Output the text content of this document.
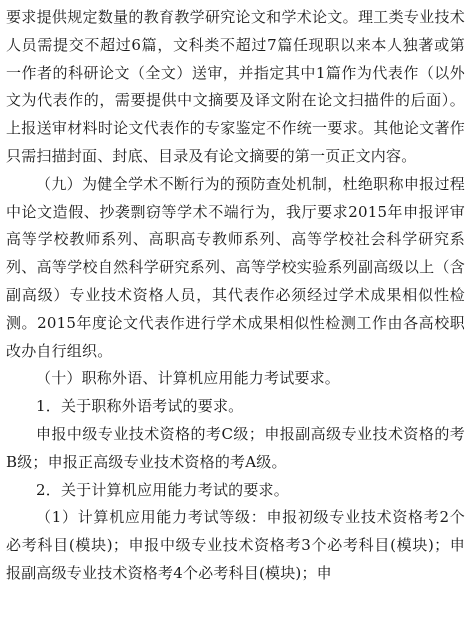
要求提供规定数量的教育教学研究论文和学术论文。理工类专业技术人员需提交不超过6篇，文科类不超过7篇任现职以来本人独著或第一作者的科研论文（全文）送审，并指定其中1篇作为代表作（以外文为代表作的，需要提供中文摘要及译文附在论文扫描件的后面）。上报送审材料时论文代表作的专家鉴定不作统一要求。其他论文著作只需扫描封面、封底、目录及有论文摘要的第一页正文内容。

（九）为健全学术不断行为的预防查处机制，杜绝职称申报过程中论文造假、抄袭剽窃等学术不端行为，我厅要求2015年申报评审高等学校教师系列、高职高专教师系列、高等学校社会科学研究系列、高等学校自然科学研究系列、高等学校实验系列副高级以上（含副高级）专业技术资格人员，其代表作必须经过学术成果相似性检测。2015年度论文代表作进行学术成果相似性检测工作由各高校职改办自行组织。

（十）职称外语、计算机应用能力考试要求。

1．关于职称外语考试的要求。

申报中级专业技术资格的考C级；申报副高级专业技术资格的考B级；申报正高级专业技术资格的考A级。

2．关于计算机应用能力考试的要求。

（1）计算机应用能力考试等级：申报初级专业技术资格考2个必考科目(模块)；申报中级专业技术资格考3个必考科目(模块)；申报副高级专业技术资格考4个必考科目(模块)；申
